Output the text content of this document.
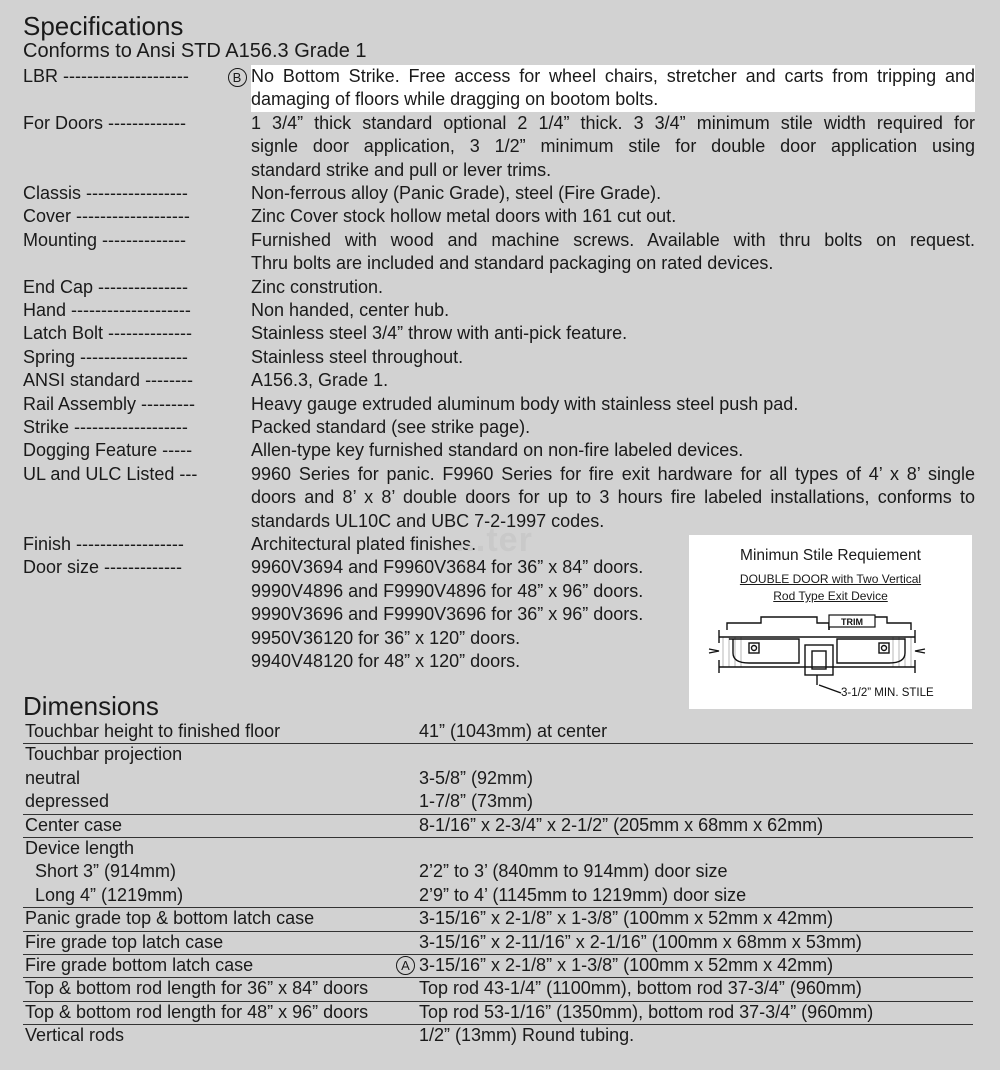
Specifications
Conforms to Ansi STD A156.3 Grade 1
LBR ---------------------	B No Bottom Strike. Free access for wheel chairs, stretcher and carts from tripping and
damaging of floors while dragging on bootom bolts.
For Doors -------------	1 3/4” thick standard optional 2 1/4” thick. 3 3/4” minimum stile width required for
signle door application, 3 1/2” minimum stile for double door application using
standard strike and pull or lever trims.
Classis -----------------	Non-ferrous alloy (Panic Grade), steel (Fire Grade).
Cover -------------------	Zinc Cover stock hollow metal doors with 161 cut out.
Mounting --------------	Furnished with wood and machine screws. Available with thru bolts on request.
Thru bolts are included and standard packaging on rated devices.
End Cap ---------------	Zinc constrution.
Hand --------------------	Non handed, center hub.
Latch Bolt --------------	Stainless steel 3/4” throw with anti-pick feature.
Spring ------------------	Stainless steel throughout.
ANSI standard --------	A156.3, Grade 1.
Rail Assembly ---------	Heavy gauge extruded aluminum body with stainless steel push pad.
Strike -------------------	Packed standard (see strike page).
Dogging Feature -----	Allen-type key furnished standard on non-fire labeled devices.
UL and ULC Listed ---	9960 Series for panic. F9960 Series for fire exit hardware for all types of 4’ x 8’ single
doors and 8’ x 8’ double doors for up to 3 hours fire labeled installations, conforms to
standards UL10C and UBC 7-2-1997 codes.
Finish ------------------	Architectural plated finishes.
Door size -------------	9960V3694 and F9960V3684 for 36” x 84” doors.
9990V4896 and F9990V4896 for 48” x 96” doors.
9990V3696 and F9990V3696 for 36” x 96” doors.
9950V36120 for 36” x 120” doors.
9940V48120 for 48” x 120” doors.
...ter	Minimun Stile Requiement
DOUBLE DOOR with Two Vertical
Rod Type Exit Device
TRIM
3-1/2” MIN. STILE
Dimensions
Touchbar height to finished floor	41” (1043mm) at center
Touchbar projection
neutral	3-5/8” (92mm)
depressed	1-7/8” (73mm)
Center case	8-1/16” x 2-3/4” x 2-1/2” (205mm x 68mm x 62mm)
Device length
Short 3” (914mm)	2’2” to 3’ (840mm to 914mm) door size
Long 4” (1219mm)	2’9” to 4’ (1145mm to 1219mm) door size
Panic grade top & bottom latch case	3-15/16” x 2-1/8” x 1-3/8” (100mm x 52mm x 42mm)
Fire grade top latch case	3-15/16” x 2-11/16” x 2-1/16” (100mm x 68mm x 53mm)
Fire grade bottom latch case	A 3-15/16” x 2-1/8” x 1-3/8” (100mm x 52mm x 42mm)
Top & bottom rod length for 36” x 84” doors	Top rod 43-1/4” (1100mm), bottom rod 37-3/4” (960mm)
Top & bottom rod length for 48” x 96” doors	Top rod 53-1/16” (1350mm), bottom rod 37-3/4” (960mm)
Vertical rods	1/2” (13mm) Round tubing.
